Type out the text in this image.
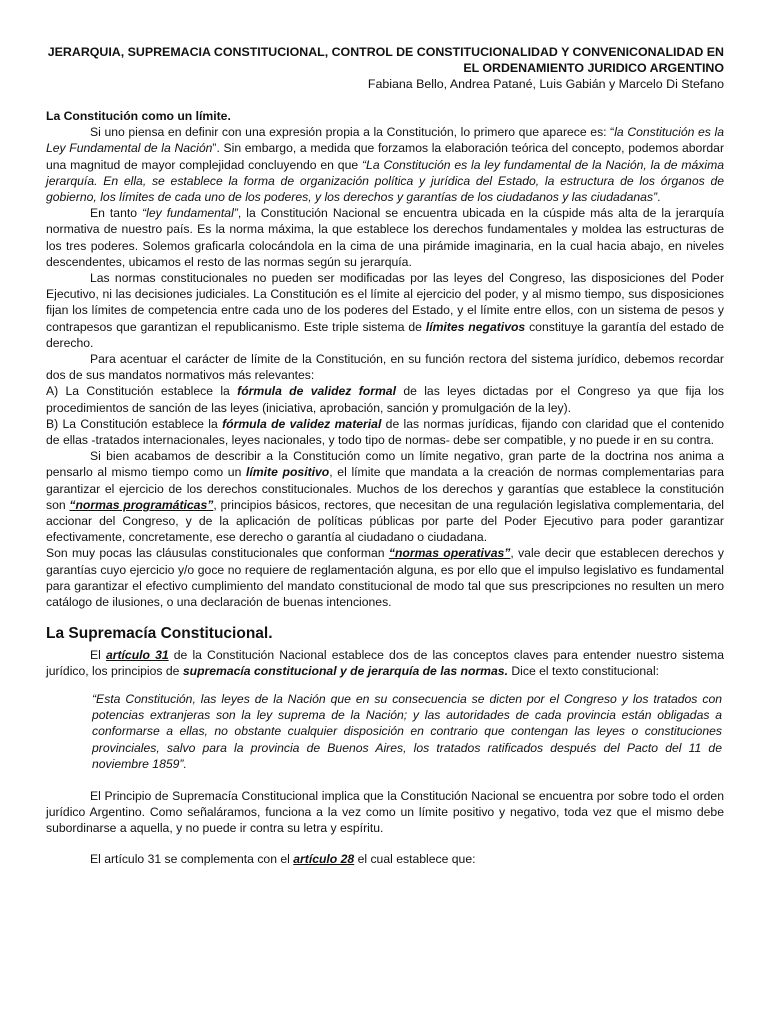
JERARQUIA, SUPREMACIA CONSTITUCIONAL, CONTROL DE CONSTITUCIONALIDAD Y CONVENICONALIDAD EN EL ORDENAMIENTO JURIDICO ARGENTINO
Fabiana Bello, Andrea Patané, Luis Gabián y Marcelo Di Stefano

La Constitución como un límite.

Si uno piensa en definir con una expresión propia a la Constitución, lo primero que aparece es: “la Constitución es la Ley Fundamental de la Nación”. Sin embargo, a medida que forzamos la elaboración teórica del concepto, podemos abordar una magnitud de mayor complejidad concluyendo en que “La Constitución es la ley fundamental de la Nación, la de máxima jerarquía. En ella, se establece la forma de organización política y jurídica del Estado, la estructura de los órganos de gobierno, los límites de cada uno de los poderes, y los derechos y garantías de los ciudadanos y las ciudadanas”.

En tanto “ley fundamental”, la Constitución Nacional se encuentra ubicada en la cúspide más alta de la jerarquía normativa de nuestro país. Es la norma máxima, la que establece los derechos fundamentales y moldea las estructuras de los tres poderes. Solemos graficarla colocándola en la cima de una pirámide imaginaria, en la cual hacia abajo, en niveles descendentes, ubicamos el resto de las normas según su jerarquía.

Las normas constitucionales no pueden ser modificadas por las leyes del Congreso, las disposiciones del Poder Ejecutivo, ni las decisiones judiciales. La Constitución es el límite al ejercicio del poder, y al mismo tiempo, sus disposiciones fijan los límites de competencia entre cada uno de los poderes del Estado, y el límite entre ellos, con un sistema de pesos y contrapesos que garantizan el republicanismo. Este triple sistema de límites negativos constituye la garantía del estado de derecho.

Para acentuar el carácter de límite de la Constitución, en su función rectora del sistema jurídico, debemos recordar dos de sus mandatos normativos más relevantes:

A) La Constitución establece la fórmula de validez formal de las leyes dictadas por el Congreso ya que fija los procedimientos de sanción de las leyes (iniciativa, aprobación, sanción y promulgación de la ley).

B) La Constitución establece la fórmula de validez material de las normas jurídicas, fijando con claridad que el contenido de ellas -tratados internacionales, leyes nacionales, y todo tipo de normas- debe ser compatible, y no puede ir en su contra.

Si bien acabamos de describir a la Constitución como un límite negativo, gran parte de la doctrina nos anima a pensarlo al mismo tiempo como un límite positivo, el límite que mandata a la creación de normas complementarias para garantizar el ejercicio de los derechos constitucionales. Muchos de los derechos y garantías que establece la constitución son “normas programáticas”, principios básicos, rectores, que necesitan de una regulación legislativa complementaria, del accionar del Congreso, y de la aplicación de políticas públicas por parte del Poder Ejecutivo para poder garantizar efectivamente, concretamente, ese derecho o garantía al ciudadano o ciudadana.

Son muy pocas las cláusulas constitucionales que conforman “normas operativas”, vale decir que establecen derechos y garantías cuyo ejercicio y/o goce no requiere de reglamentación alguna, es por ello que el impulso legislativo es fundamental para garantizar el efectivo cumplimiento del mandato constitucional de modo tal que sus prescripciones no resulten un mero catálogo de ilusiones, o una declaración de buenas intenciones.

La Supremacía Constitucional.

El artículo 31 de la Constitución Nacional establece dos de las conceptos claves para entender nuestro sistema jurídico, los principios de supremacía constitucional y de jerarquía de las normas. Dice el texto constitucional:

“Esta Constitución, las leyes de la Nación que en su consecuencia se dicten por el Congreso y los tratados con potencias extranjeras son la ley suprema de la Nación; y las autoridades de cada provincia están obligadas a conformarse a ellas, no obstante cualquier disposición en contrario que contengan las leyes o constituciones provinciales, salvo para la provincia de Buenos Aires, los tratados ratificados después del Pacto del 11 de noviembre 1859”.

El Principio de Supremacía Constitucional implica que la Constitución Nacional se encuentra por sobre todo el orden jurídico Argentino. Como señaláramos, funciona a la vez como un límite positivo y negativo, toda vez que el mismo debe subordinarse a aquella, y no puede ir contra su letra y espíritu.

El artículo 31 se complementa con el artículo 28 el cual establece que:
